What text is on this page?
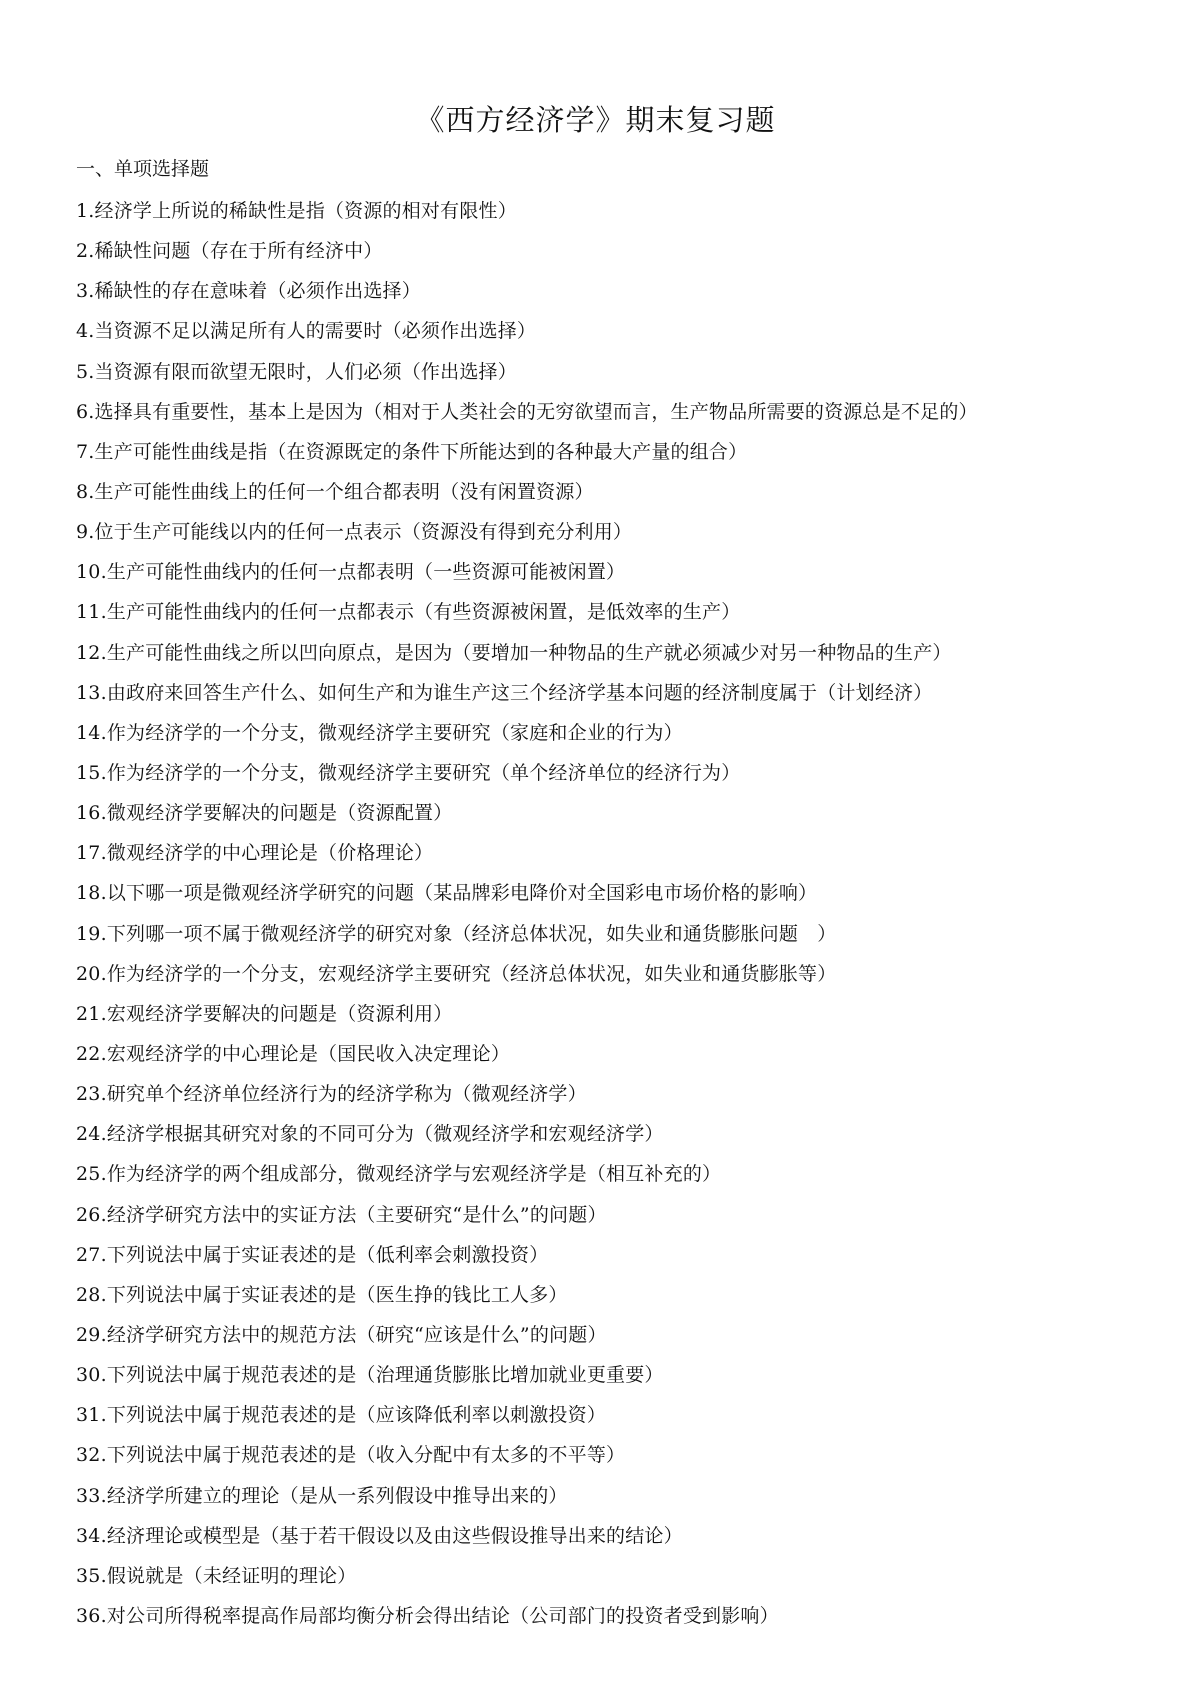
《西方经济学》期末复习题
一、单项选择题
1.经济学上所说的稀缺性是指（资源的相对有限性）
2.稀缺性问题（存在于所有经济中）
3.稀缺性的存在意味着（必须作出选择）
4.当资源不足以满足所有人的需要时（必须作出选择）
5.当资源有限而欲望无限时，人们必须（作出选择）
6.选择具有重要性，基本上是因为（相对于人类社会的无穷欲望而言，生产物品所需要的资源总是不足的）
7.生产可能性曲线是指（在资源既定的条件下所能达到的各种最大产量的组合）
8.生产可能性曲线上的任何一个组合都表明（没有闲置资源）
9.位于生产可能线以内的任何一点表示（资源没有得到充分利用）
10.生产可能性曲线内的任何一点都表明（一些资源可能被闲置）
11.生产可能性曲线内的任何一点都表示（有些资源被闲置，是低效率的生产）
12.生产可能性曲线之所以凹向原点，是因为（要增加一种物品的生产就必须减少对另一种物品的生产）
13.由政府来回答生产什么、如何生产和为谁生产这三个经济学基本问题的经济制度属于（计划经济）
14.作为经济学的一个分支，微观经济学主要研究（家庭和企业的行为）
15.作为经济学的一个分支，微观经济学主要研究（单个经济单位的经济行为）
16.微观经济学要解决的问题是（资源配置）
17.微观经济学的中心理论是（价格理论）
18.以下哪一项是微观经济学研究的问题（某品牌彩电降价对全国彩电市场价格的影响）
19.下列哪一项不属于微观经济学的研究对象（经济总体状况，如失业和通货膨胀问题　）
20.作为经济学的一个分支，宏观经济学主要研究（经济总体状况，如失业和通货膨胀等）
21.宏观经济学要解决的问题是（资源利用）
22.宏观经济学的中心理论是（国民收入决定理论）
23.研究单个经济单位经济行为的经济学称为（微观经济学）
24.经济学根据其研究对象的不同可分为（微观经济学和宏观经济学）
25.作为经济学的两个组成部分，微观经济学与宏观经济学是（相互补充的）
26.经济学研究方法中的实证方法（主要研究“是什么”的问题）
27.下列说法中属于实证表述的是（低利率会刺激投资）
28.下列说法中属于实证表述的是（医生挣的钱比工人多）
29.经济学研究方法中的规范方法（研究“应该是什么”的问题）
30.下列说法中属于规范表述的是（治理通货膨胀比增加就业更重要）
31.下列说法中属于规范表述的是（应该降低利率以刺激投资）
32.下列说法中属于规范表述的是（收入分配中有太多的不平等）
33.经济学所建立的理论（是从一系列假设中推导出来的）
34.经济理论或模型是（基于若干假设以及由这些假设推导出来的结论）
35.假说就是（未经证明的理论）
36.对公司所得税率提高作局部均衡分析会得出结论（公司部门的投资者受到影响）
